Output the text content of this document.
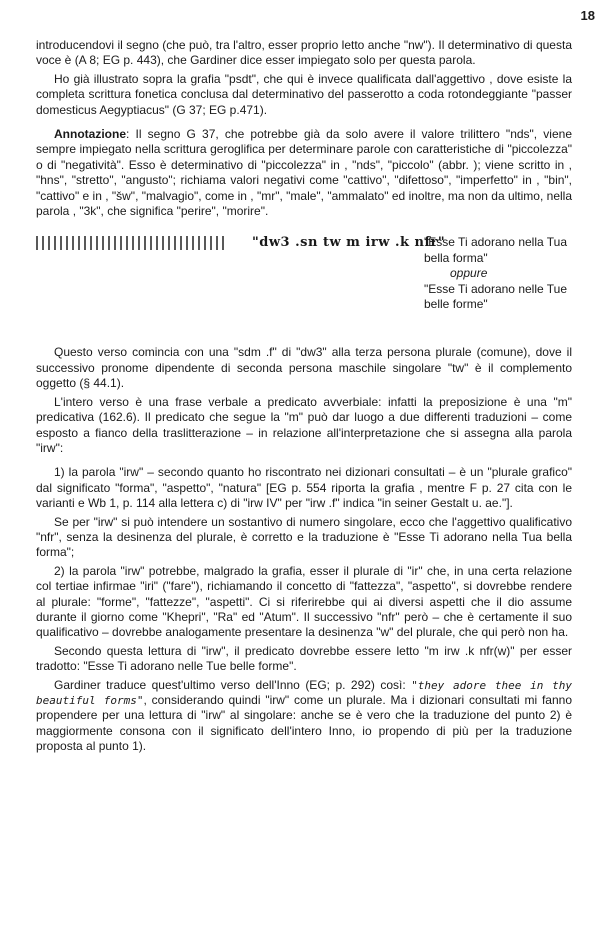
18

introducendovi il segno (che può, tra l'altro, esser proprio letto anche "nw"). Il determinativo di questa voce è (A 8; EG p. 443), che Gardiner dice esser impiegato solo per questa parola.

Ho già illustrato sopra la grafia "psdt", che qui è invece qualificata dall'aggettivo , dove esiste la completa scrittura fonetica conclusa dal determinativo del passerotto a coda rotondeggiante "passer domesticus Aegyptiacus" (G 37; EG p.471).

Annotazione: Il segno G 37, che potrebbe già da solo avere il valore trilittero "nds", viene sempre impiegato nella scrittura geroglifica per determinare parole con caratteristiche di "piccolezza" o di "negatività". Esso è determinativo di "piccolezza" in , "nds", "piccolo" (abbr. ); viene scritto in , "hns", "stretto", "angusto"; richiama valori negativi come "cattivo", "difettoso", "imperfetto" in , "bin", "cattivo" e in , "šw", "malvagio", come in , "mr", "male", "ammalato" ed inoltre, ma non da ultimo, nella parola , "3k", che significa "perire", "morire".

"dw3 .sn tw m irw .k nfr"
"Esse Ti adorano nella Tua bella forma"
oppure
"Esse Ti adorano nelle Tue belle forme"

Questo verso comincia con una "sdm .f" di "dw3" alla terza persona plurale (comune), dove il successivo pronome dipendente di seconda persona maschile singolare "tw" è il complemento oggetto (§ 44.1).

L'intero verso è una frase verbale a predicato avverbiale: infatti la preposizione è una "m" predicativa (162.6). Il predicato che segue la "m" può dar luogo a due differenti traduzioni – come esposto a fianco della traslitterazione – in relazione all'interpretazione che si assegna alla parola "irw":

1) la parola "irw" – secondo quanto ho riscontrato nei dizionari consultati – è un "plurale grafico" dal significato "forma", "aspetto", "natura" [EG p. 554 riporta la grafia , mentre F p. 27 cita con le varianti e Wb 1, p. 114 alla lettera c) di "irw IV" per "irw .f" indica "in seiner Gestalt u. ae."].

Se per "irw" si può intendere un sostantivo di numero singolare, ecco che l'aggettivo qualificativo "nfr", senza la desinenza del plurale, è corretto e la traduzione è "Esse Ti adorano nella Tua bella forma";

2) la parola "irw" potrebbe, malgrado la grafia, esser il plurale di "ir" che, in una certa relazione col tertiae infirmae "iri" ("fare"), richiamando il concetto di "fattezza", "aspetto", si dovrebbe rendere al plurale: "forme", "fattezze", "aspetti". Ci si riferirebbe qui ai diversi aspetti che il dio assume durante il giorno come "Khepri", "Ra" ed "Atum". Il successivo "nfr" però – che è certamente il suo qualificativo – dovrebbe analogamente presentare la desinenza "w" del plurale, che qui però non ha.

Secondo questa lettura di "irw", il predicato dovrebbe essere letto "m irw .k nfr(w)" per esser tradotto: "Esse Ti adorano nelle Tue belle forme".

Gardiner traduce quest'ultimo verso dell'Inno (EG; p. 292) così: "they adore thee in thy beautiful forms", considerando quindi "irw" come un plurale. Ma i dizionari consultati mi fanno propendere per una lettura di "irw" al singolare: anche se è vero che la traduzione del punto 2) è maggiormente consona con il significato dell'intero Inno, io propendo di più per la traduzione proposta al punto 1).
